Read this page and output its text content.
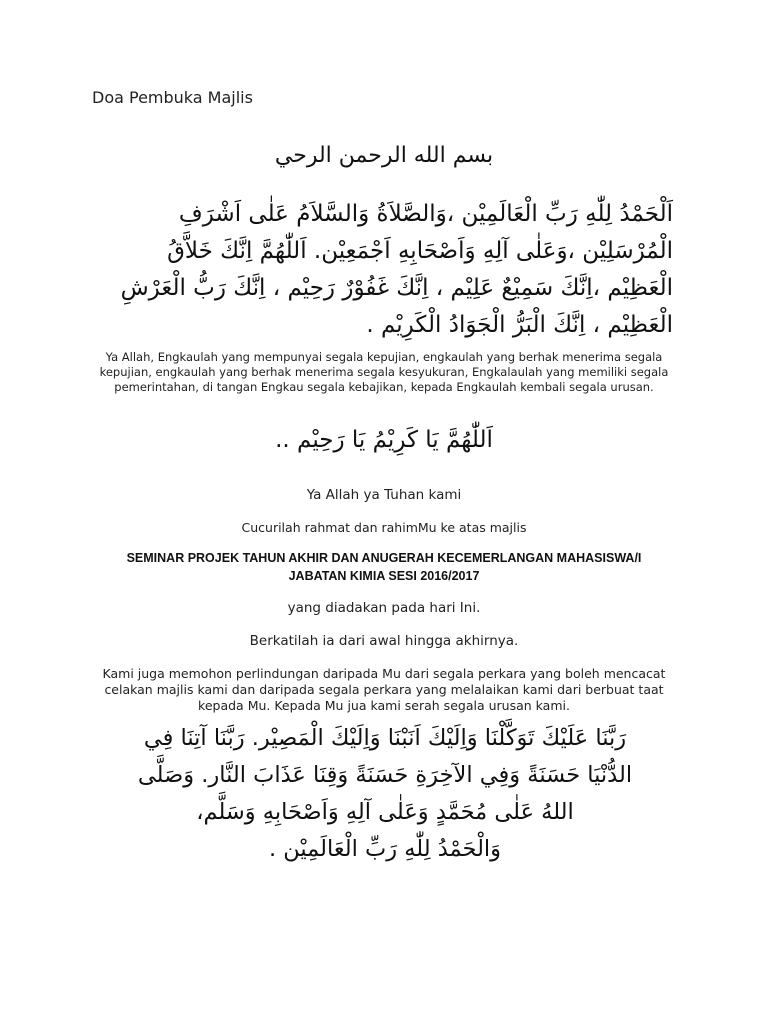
Doa Pembuka Majlis
بسم الله الرحمن الرحي
اَلْحَمْدُ لِلّٰهِ رَبِّ الْعَالَمِيْن ،وَالصَّلاَةُ وَالسَّلاَمُ عَلٰى اَشْرَفِ
الْمُرْسَلِيْن ،وَعَلٰى آلِهِ وَاَصْحَابِهِ اَجْمَعِيْن. اَللّٰهُمَّ اِنَّكَ خَلاَّقُ
الْعَظِيْم ،اِنَّكَ سَمِيْعٌ عَلِيْم ، اِنَّكَ غَفُوْرٌ رَحِيْم ، اِنَّكَ رَبُّ الْعَرْشِ
الْعَظِيْم ، اِنَّكَ الْبَرُّ الْجَوَادُ الْكَرِيْم .
Ya Allah, Engkaulah yang mempunyai segala kepujian, engkaulah yang berhak menerima segala kepujian, engkaulah yang berhak menerima segala kesyukuran, Engkalaulah yang memiliki segala pemerintahan, di tangan Engkau segala kebajikan, kepada Engkaulah kembali segala urusan.
اَللّٰهُمَّ يَا كَرِيْمُ يَا رَحِيْم ..
Ya Allah ya Tuhan kami
Cucurilah rahmat dan rahimMu ke atas majlis
SEMINAR PROJEK TAHUN AKHIR DAN ANUGERAH KECEMERLANGAN MAHASISWA/I
JABATAN KIMIA SESI 2016/2017
yang diadakan pada hari Ini.
Berkatilah ia dari awal hingga akhirnya.
Kami juga memohon perlindungan daripada Mu dari segala perkara yang boleh mencacat celakan majlis kami dan daripada segala perkara yang melalaikan kami dari berbuat taat kepada Mu. Kepada Mu jua kami serah segala urusan kami.
رَبَّنَا عَلَيْكَ تَوَكَّلْنَا وَاِلَيْكَ اَنَبْنَا وَاِلَيْكَ الْمَصِيْر. رَبَّنَا آتِنَا فِي
الدُّنْيَا حَسَنَةً وَفِي الآخِرَةِ حَسَنَةً وَقِنَا عَذَابَ النَّار. وَصَلَّى
اللهُ عَلٰى مُحَمَّدٍ وَعَلٰى آلِهِ وَاَصْحَابِهِ وَسَلَّم،
وَالْحَمْدُ لِلّٰهِ رَبِّ الْعَالَمِيْن .
